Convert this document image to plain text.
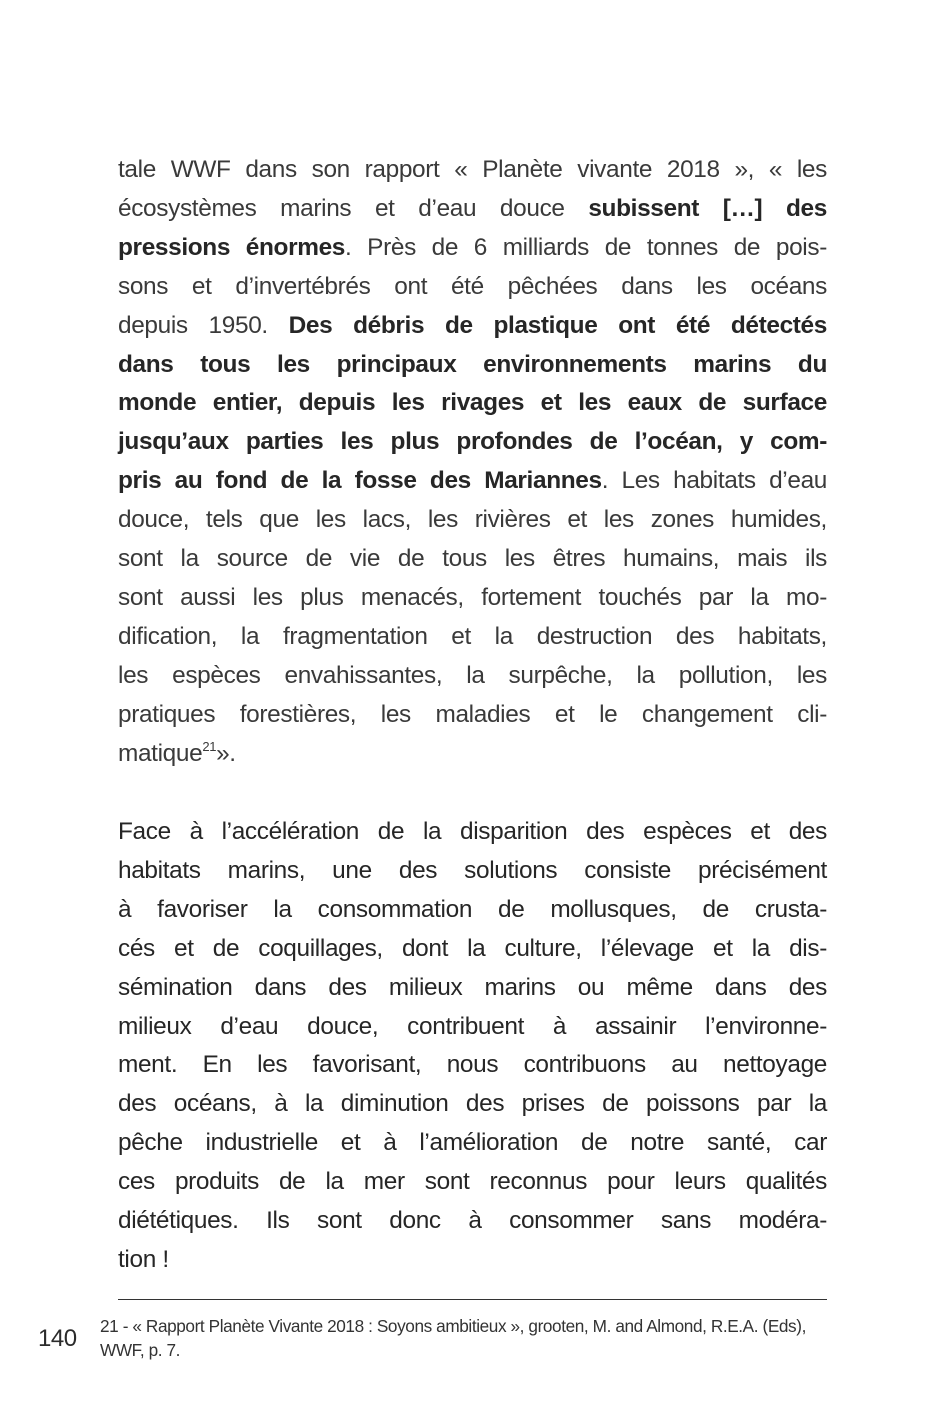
tale WWF dans son rapport « Planète vivante 2018 », « les
écosystèmes marins et d’eau douce subissent […] des
pressions énormes. Près de 6 milliards de tonnes de pois-
sons et d’invertébrés ont été pêchées dans les océans
depuis 1950. Des débris de plastique ont été détectés
dans tous les principaux environnements marins du
monde entier, depuis les rivages et les eaux de surface
jusqu’aux parties les plus profondes de l’océan, y com-
pris au fond de la fosse des Mariannes. Les habitats d’eau
douce, tels que les lacs, les rivières et les zones humides,
sont la source de vie de tous les êtres humains, mais ils
sont aussi les plus menacés, fortement touchés par la mo-
dification, la fragmentation et la destruction des habitats,
les espèces envahissantes, la surpêche, la pollution, les
pratiques forestières, les maladies et le changement cli-
matique$^{21}$».
Face à l’accélération de la disparition des espèces et des
habitats marins, une des solutions consiste précisément
à favoriser la consommation de mollusques, de crusta-
cés et de coquillages, dont la culture, l’élevage et la dis-
sémination dans des milieux marins ou même dans des
milieux d’eau douce, contribuent à assainir l’environne-
ment. En les favorisant, nous contribuons au nettoyage
des océans, à la diminution des prises de poissons par la
pêche industrielle et à l’amélioration de notre santé, car
ces produits de la mer sont reconnus pour leurs qualités
diététiques. Ils sont donc à consommer sans modéra-
tion !
140 21 - « Rapport Planète Vivante 2018 : Soyons ambitieux », grooten, M. and Almond, R.E.A. (Eds),
WWF, p. 7.
